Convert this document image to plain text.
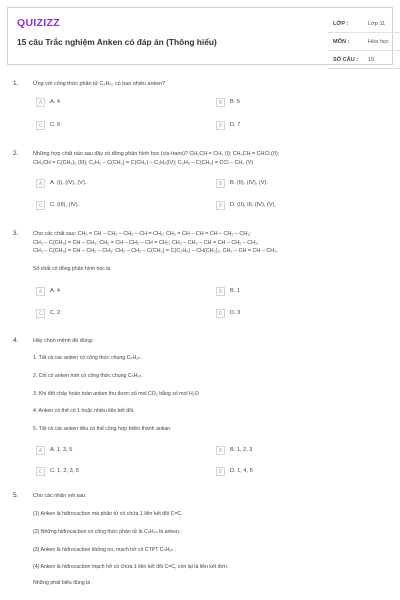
QUIZIZZ
15 câu Trắc nghiệm Anken có đáp án (Thông hiểu)
LỚP :	Lớp 11
MÔN :	Hóa học
SỐ CÂU : 15
1.	Ứng với công thức phân tử C₅H₁₀ có bao nhiêu anken?
A	A. 4	B	B. 5
C	C. 6	D	D. 7
2.	Những hợp chất nào sau đây có đồng phân hình học (cis-trans)? CH₃CH = CH₂ (I); CH₃CH = CHCl (II);
CH₃CH = C(CH₃)₂ (III); C₂H₅ – C(CH₃) = C(CH₃) – C₂H₅(IV); C₂H₅ – C(CH₃) = CCl – CH₃ (V)
A	A. (I), (IV), (V).	B	B. (II), (IV), (V).
C	C. (III), (IV).	D	D. (II), III, (IV), (V).
3.	Cho các chất sau: CH₂ = CH – CH₂ – CH₂ – CH = CH₂; CH₂ = CH – CH = CH – CH₂ – CH₃;
CH₃ – C(CH₃) = CH – CH₃; CH₂ = CH – CH₂ – CH = CH₂; CH₃ – CH₂ – CH = CH – CH₂ – CH₃;
CH₃ – C(CH₃) = CH – CH₂ – CH₃; CH₃ – CH₂ – C(CH₃) = C(C₂H₅) – CH(CH₃)₂; CH₃ – CH = CH – CH₃.
Số chất có đồng phân hình học là
A	A. 4	B	B. 1
C	C. 2	D	D. 3
4.	Hãy chọn mệnh đề đúng:
1. Tất cả các anken có công thức chung CₙH₂ₙ .
2. Chỉ có anken mới có công thức chung CₙH₂ₙ.
3. Khi đốt cháy hoàn toàn anken thu được số mol CO₂ bằng số mol H₂O
4. Anken có thể có 1 hoặc nhiều liên kết đôi.
5. Tất cả các anken đều có thể cộng hợp hiđro thành ankan.
A	A. 1, 3, 5	B	B. 1, 2, 3
C	C. 1, 2, 3, 5	D	D. 1, 4, 5
5.	Cho các nhận xét sau:
(1) Anken là hiđrocacbon mà phân tử có chứa 1 liên kết đôi C=C.
(2) Những hiđrocacbon có công thức phân tử là CₙH₂ₙ là anken.
(3) Anken là hiđrocacbon không no, mạch hở có CTPT CₙH₂ₙ .
(4) Anken là hiđrocacbon mạch hở có chứa 1 liên kết đôi C=C, còn lại là liên kết đơn.
Những phát biểu đúng là
